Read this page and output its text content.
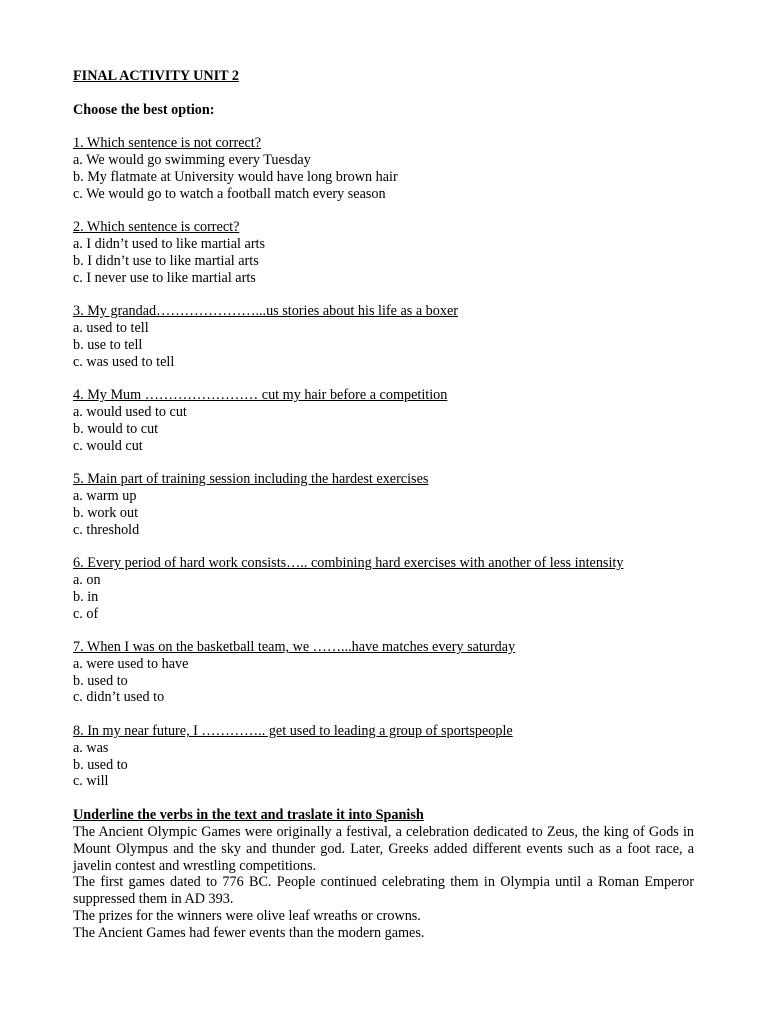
FINAL ACTIVITY UNIT 2
Choose the best option:
1. Which sentence is not correct?
a. We would go swimming every Tuesday
b. My flatmate at University would have long brown hair
c. We would go to watch a football match every season
2. Which sentence is correct?
a. I didn’t used to like martial arts
b. I didn’t use to like martial arts
c. I never use to like martial arts
3. My grandad…………………...us stories about his life as a boxer
a. used to tell
b. use to tell
c. was used to tell
4. My Mum …………………… cut my hair before a competition
a. would used to cut
b. would to cut
c. would cut
5. Main part of training session including the hardest exercises
a. warm up
b. work out
c. threshold
6. Every period of hard work consists….. combining hard exercises with another of less intensity
a. on
b. in
c. of
7. When I was on the basketball team, we ……...have matches every saturday
a. were used to have
b. used to
c. didn’t used to
8. In my near future, I ………….. get used to leading a group of sportspeople
a. was
b. used to
c. will
Underline the verbs in the text and traslate it into Spanish
The Ancient Olympic Games were originally a festival, a celebration dedicated to Zeus, the king of Gods in Mount Olympus and the sky and thunder god. Later, Greeks added different events such as a foot race, a javelin contest and wrestling competitions.
The first games dated to 776 BC. People continued celebrating them in Olympia until a Roman Emperor suppressed them in AD 393.
The prizes for the winners were olive leaf wreaths or crowns.
The Ancient Games had fewer events than the modern games.
